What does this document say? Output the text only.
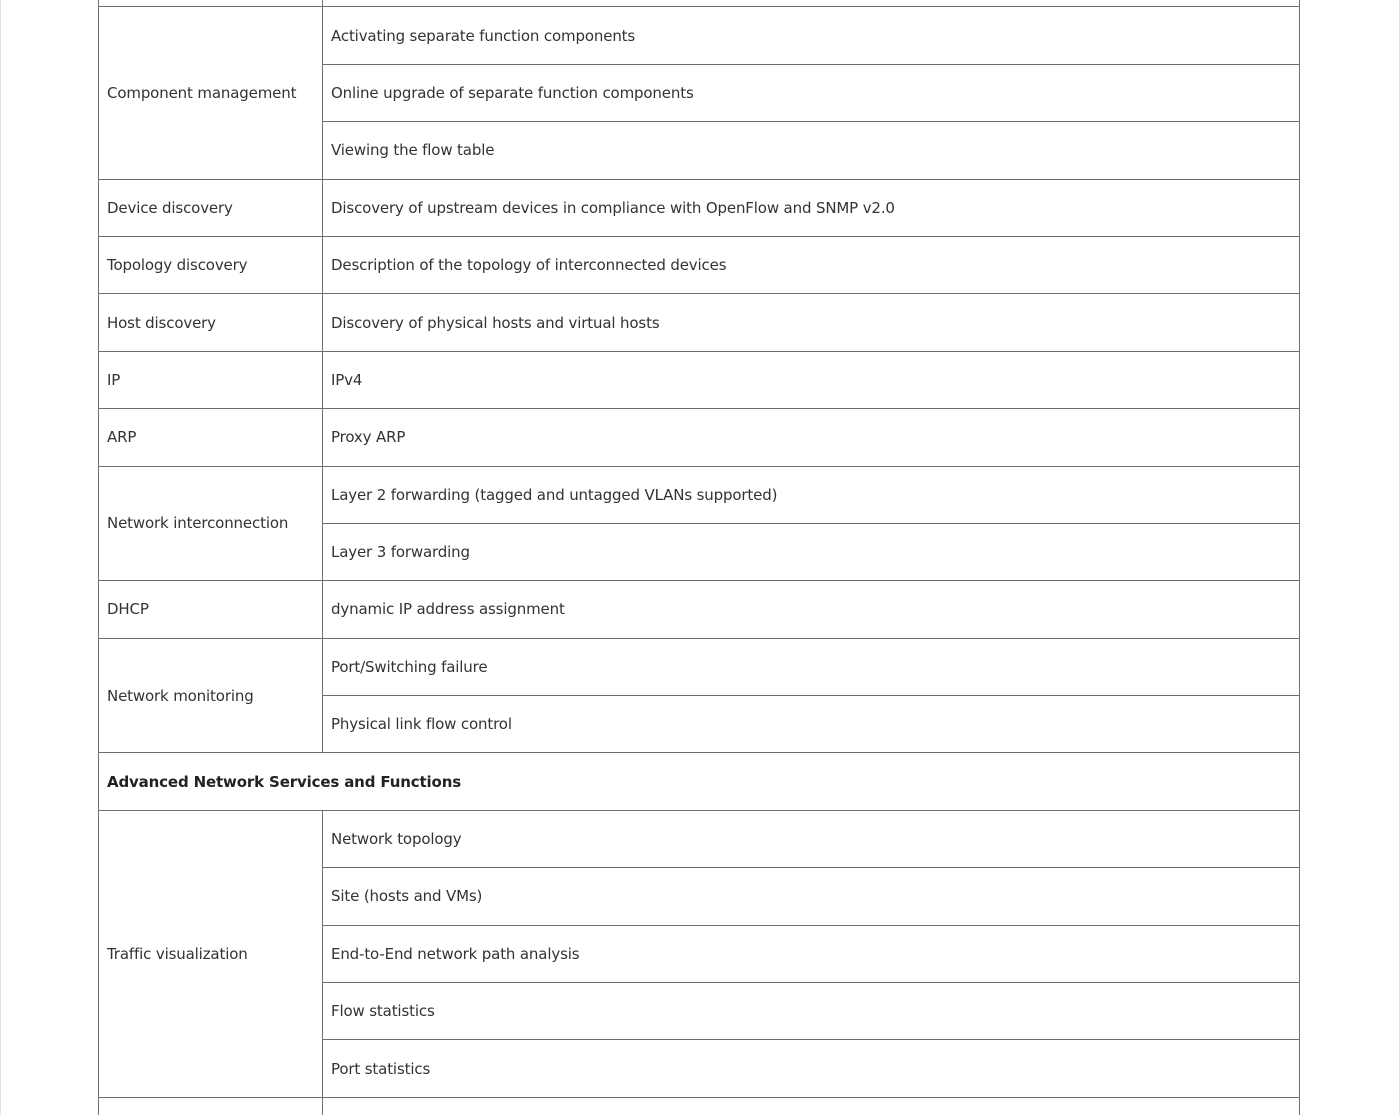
Component management	Activating separate function components
	Online upgrade of separate function components
	Viewing the flow table
Device discovery	Discovery of upstream devices in compliance with OpenFlow and SNMP v2.0
Topology discovery	Description of the topology of interconnected devices
Host discovery	Discovery of physical hosts and virtual hosts
IP	IPv4
ARP	Proxy ARP
Network interconnection	Layer 2 forwarding (tagged and untagged VLANs supported)
	Layer 3 forwarding
DHCP	dynamic IP address assignment
Network monitoring	Port/Switching failure
	Physical link flow control
Advanced Network Services and Functions	
Traffic visualization	Network topology
	Site (hosts and VMs)
	End-to-End network path analysis
	Flow statistics
	Port statistics
